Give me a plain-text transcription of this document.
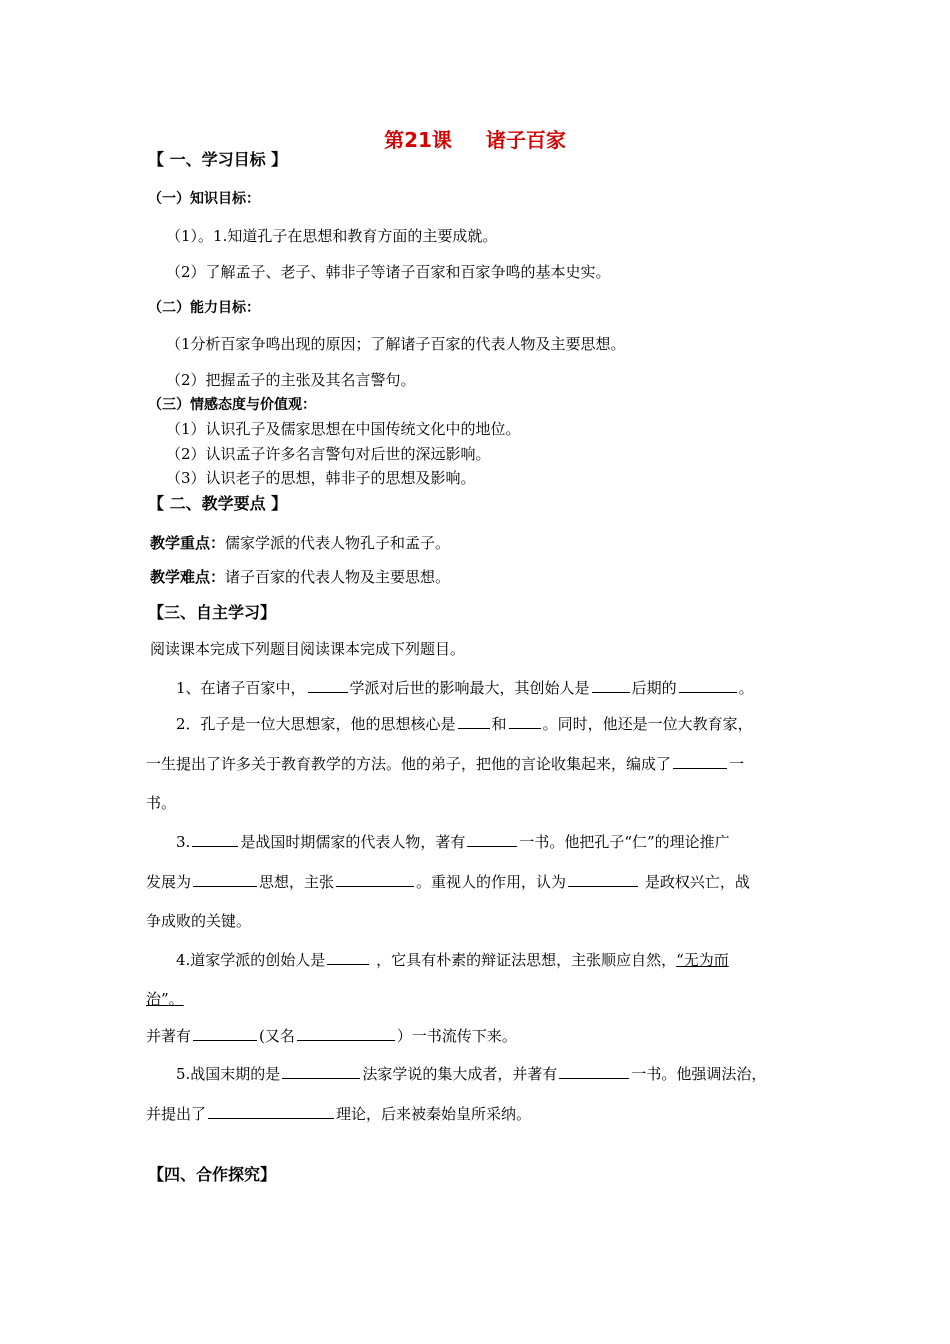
第21课 诸子百家
【 一、学习目标 】
（一）知识目标：
（1）。1.知道孔子在思想和教育方面的主要成就。
（2）了解孟子、老子、韩非子等诸子百家和百家争鸣的基本史实。
（二）能力目标：
（1分析百家争鸣出现的原因；了解诸子百家的代表人物及主要思想。
（2）把握孟子的主张及其名言警句。
（三）情感态度与价值观：
（1）认识孔子及儒家思想在中国传统文化中的地位。
（2）认识孟子许多名言警句对后世的深远影响。
（3）认识老子的思想，韩非子的思想及影响。
【 二、教学要点 】
教学重点：儒家学派的代表人物孔子和孟子。
教学难点：诸子百家的代表人物及主要思想。
【三、自主学习】
阅读课本完成下列题目阅读课本完成下列题目。
1、在诸子百家中，	学派对后世的影响最大，其创始人是	后期的	。
2．孔子是一位大思想家，他的思想核心是 和 。同时，他还是一位大教育家，
一生提出了许多关于教育教学的方法。他的弟子，把他的言论收集起来，编成了	一
书。
3.	是战国时期儒家的代表人物，著有	一书。他把孔子“仁”的理论推广
发展为	思想，主张	。重视人的作用，认为	是政权兴亡，战
争成败的关键。
4.道家学派的创始人是	，它具有朴素的辩证法思想，主张顺应自然，“无为而
治”。
并著有	(又名	）一书流传下来。
5.战国末期的是	法家学说的集大成者，并著有	一书。他强调法治，
并提出了	理论，后来被秦始皇所采纳。
【四、合作探究】
